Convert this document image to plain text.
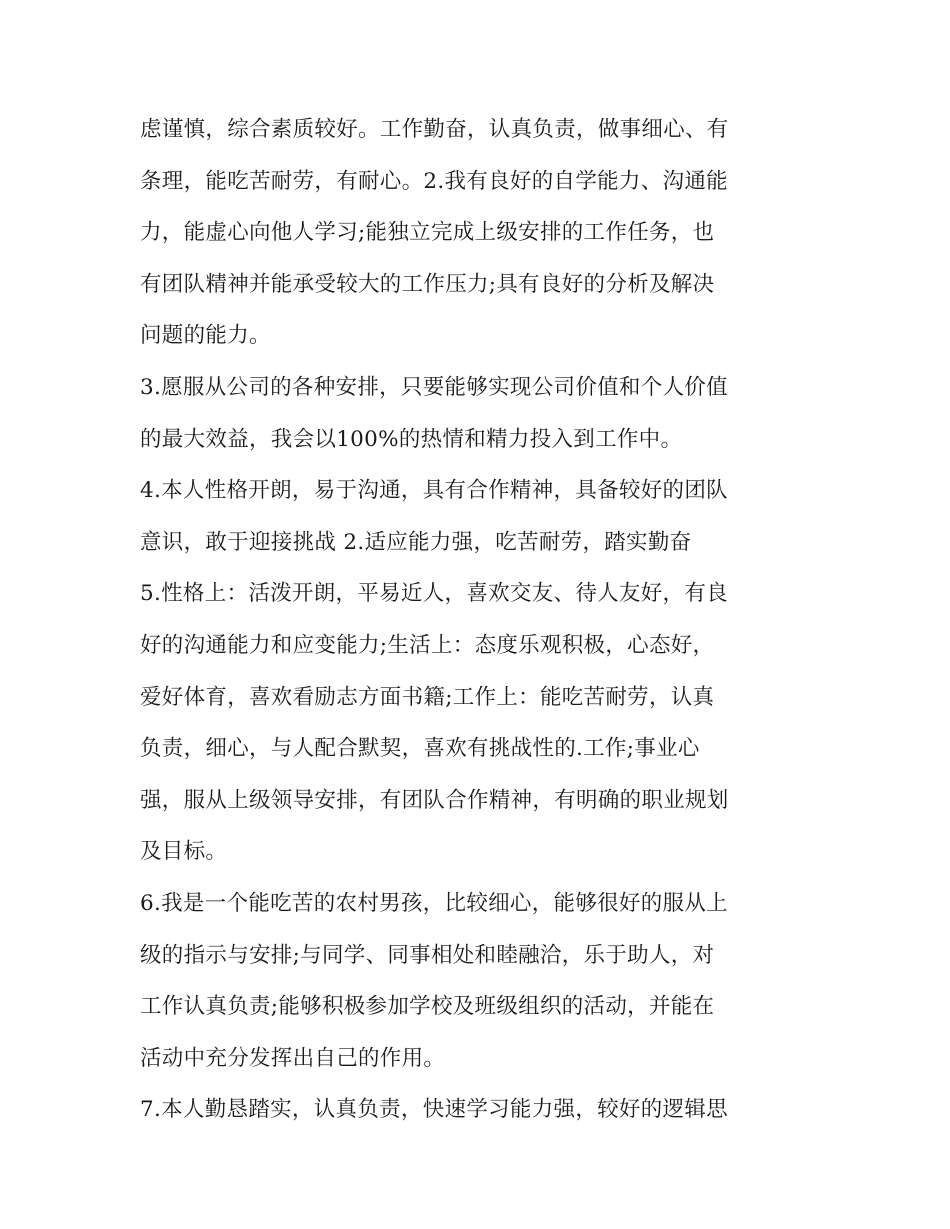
虑谨慎，综合素质较好。工作勤奋，认真负责，做事细心、有
条理，能吃苦耐劳，有耐心。2.我有良好的自学能力、沟通能
力，能虚心向他人学习;能独立完成上级安排的工作任务，也
有团队精神并能承受较大的工作压力;具有良好的分析及解决
问题的能力。
3.愿服从公司的各种安排，只要能够实现公司价值和个人价值
的最大效益，我会以100%的热情和精力投入到工作中。
4.本人性格开朗，易于沟通，具有合作精神，具备较好的团队
意识，敢于迎接挑战 2.适应能力强，吃苦耐劳，踏实勤奋
5.性格上：活泼开朗，平易近人，喜欢交友、待人友好，有良
好的沟通能力和应变能力;生活上：态度乐观积极，心态好，
爱好体育，喜欢看励志方面书籍;工作上：能吃苦耐劳，认真
负责，细心，与人配合默契，喜欢有挑战性的.工作;事业心
强，服从上级领导安排，有团队合作精神，有明确的职业规划
及目标。
6.我是一个能吃苦的农村男孩，比较细心，能够很好的服从上
级的指示与安排;与同学、同事相处和睦融洽，乐于助人，对
工作认真负责;能够积极参加学校及班级组织的活动，并能在
活动中充分发挥出自己的作用。
7.本人勤恳踏实，认真负责，快速学习能力强，较好的逻辑思
